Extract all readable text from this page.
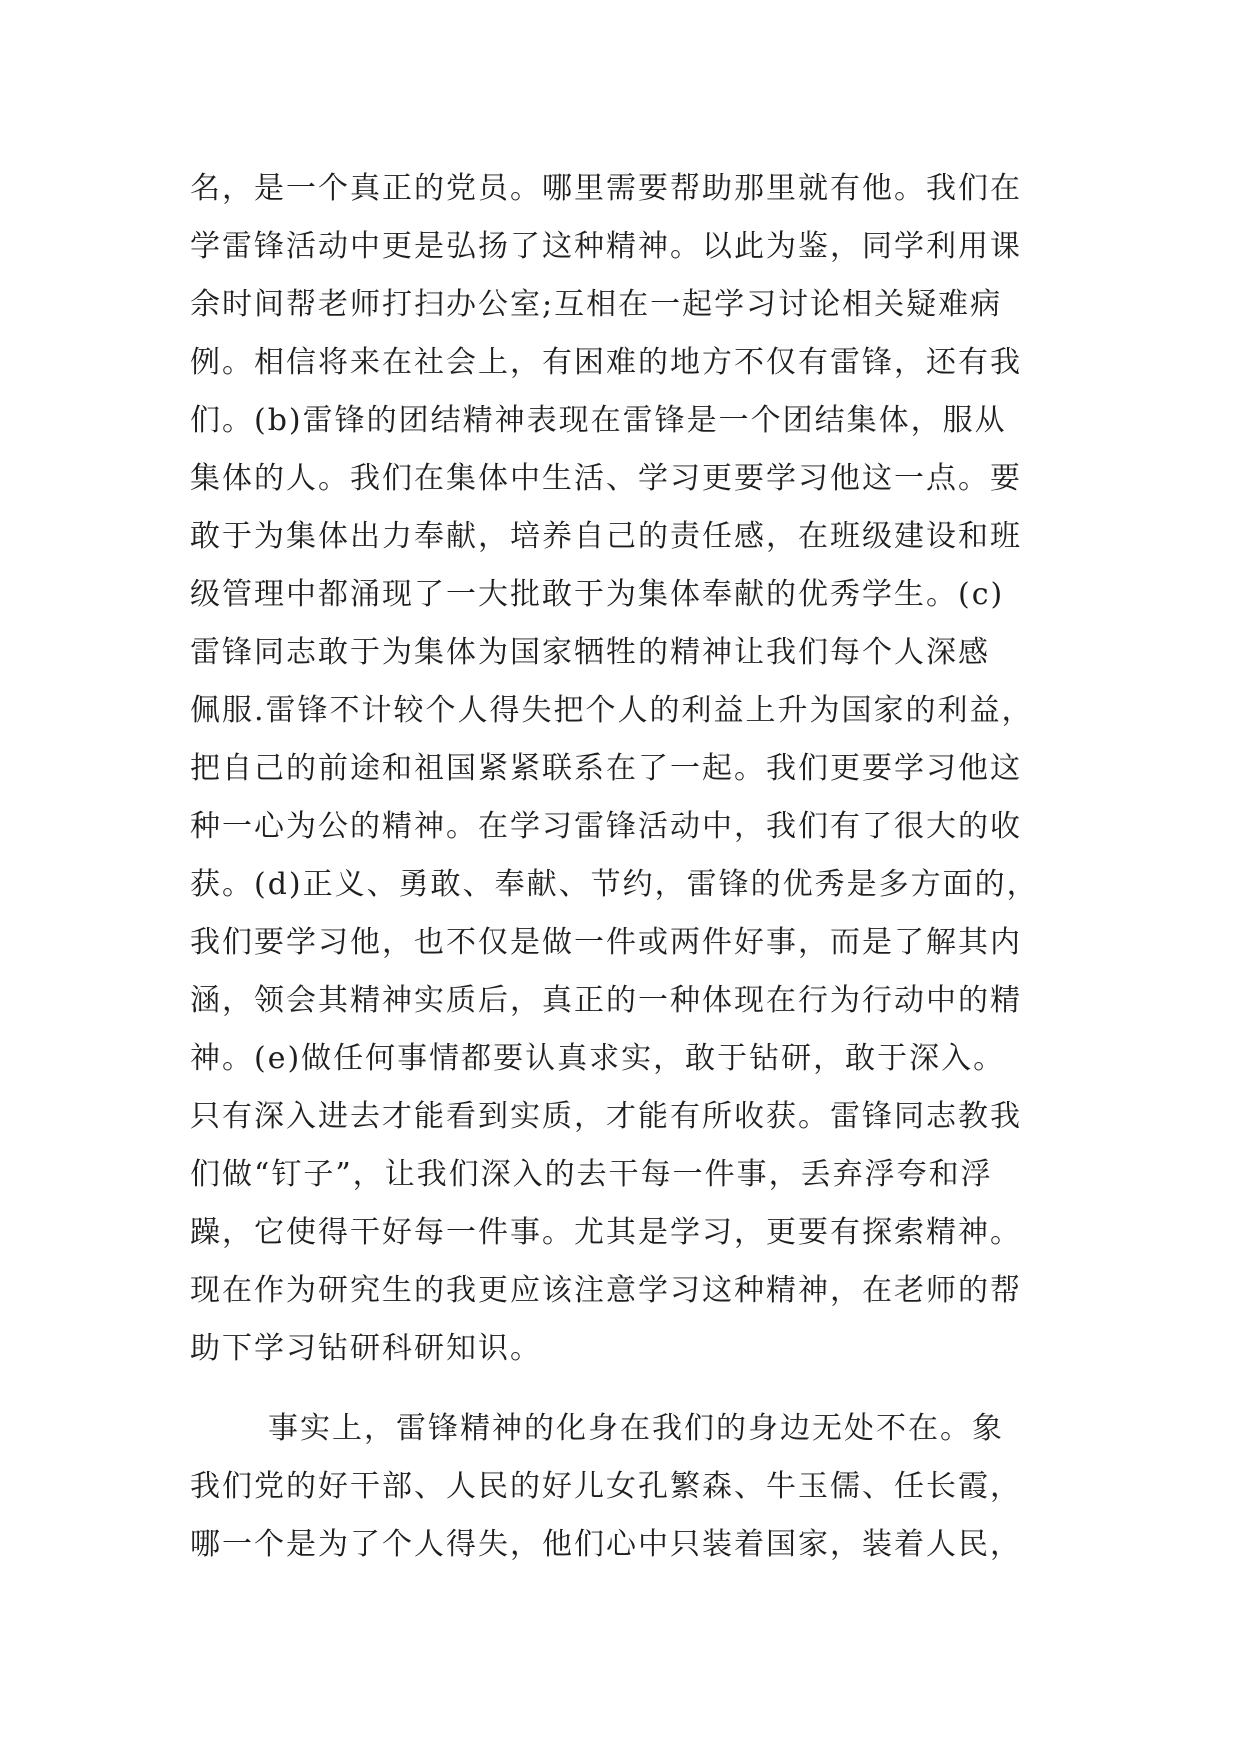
名，是一个真正的党员。哪里需要帮助那里就有他。我们在
学雷锋活动中更是弘扬了这种精神。以此为鉴，同学利用课
余时间帮老师打扫办公室;互相在一起学习讨论相关疑难病
例。相信将来在社会上，有困难的地方不仅有雷锋，还有我
们。(b)雷锋的团结精神表现在雷锋是一个团结集体，服从
集体的人。我们在集体中生活、学习更要学习他这一点。要
敢于为集体出力奉献，培养自己的责任感，在班级建设和班
级管理中都涌现了一大批敢于为集体奉献的优秀学生。(c)
雷锋同志敢于为集体为国家牺牲的精神让我们每个人深感
佩服.雷锋不计较个人得失把个人的利益上升为国家的利益，
把自己的前途和祖国紧紧联系在了一起。我们更要学习他这
种一心为公的精神。在学习雷锋活动中，我们有了很大的收
获。(d)正义、勇敢、奉献、节约，雷锋的优秀是多方面的，
我们要学习他，也不仅是做一件或两件好事，而是了解其内
涵，领会其精神实质后，真正的一种体现在行为行动中的精
神。(e)做任何事情都要认真求实，敢于钻研，敢于深入。
只有深入进去才能看到实质，才能有所收获。雷锋同志教我
们做“钉子”，让我们深入的去干每一件事，丢弃浮夸和浮
躁，它使得干好每一件事。尤其是学习，更要有探索精神。
现在作为研究生的我更应该注意学习这种精神，在老师的帮
助下学习钻研科研知识。
事实上，雷锋精神的化身在我们的身边无处不在。象
我们党的好干部、人民的好儿女孔繁森、牛玉儒、任长霞，
哪一个是为了个人得失，他们心中只装着国家，装着人民，
